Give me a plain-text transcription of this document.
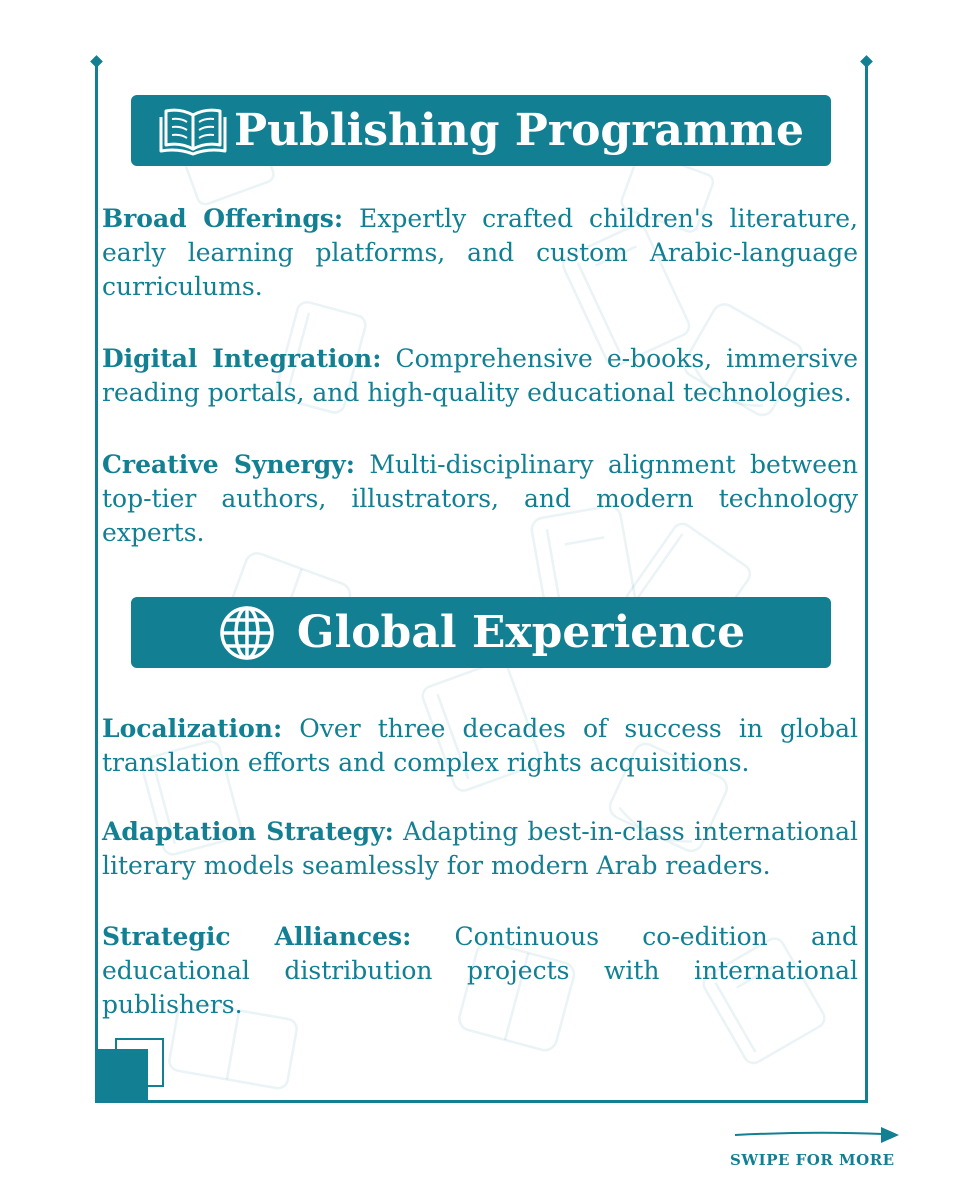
Publishing Programme

Broad Offerings: Expertly crafted children's literature, early learning platforms, and custom Arabic-language curriculums.

Digital Integration: Comprehensive e-books, immersive reading portals, and high-quality educational technologies.

Creative Synergy: Multi-disciplinary alignment between top-tier authors, illustrators, and modern technology experts.

Global Experience

Localization: Over three decades of success in global translation efforts and complex rights acquisitions.

Adaptation Strategy: Adapting best-in-class international literary models seamlessly for modern Arab readers.

Strategic Alliances: Continuous co-edition and educational distribution projects with international publishers.

SWIPE FOR MORE
